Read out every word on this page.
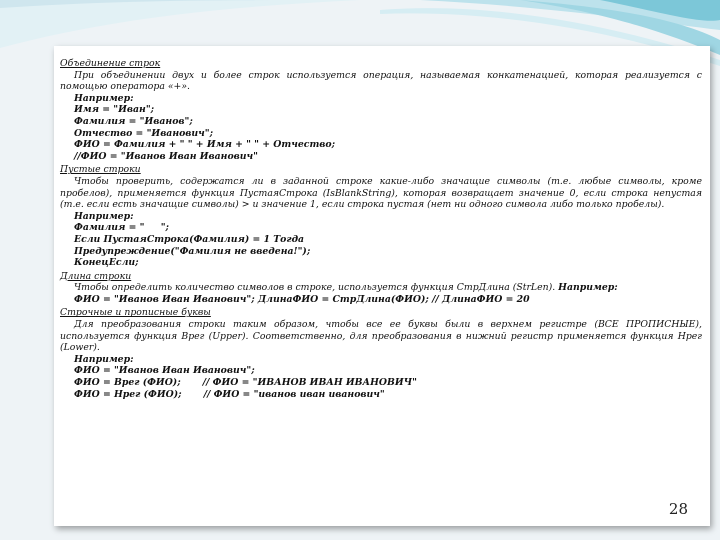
Объединение строк

При объединении двух и более строк используется операция, называемая конкатенацией, которая реализуется с помощью оператора «+».

Например:

Имя = "Иван";

Фамилия = "Иванов";

Отчество = "Иванович";

ФИО = Фамилия + " " + Имя + " " + Отчество;

//ФИО = "Иванов Иван Иванович"

Пустые строки

Чтобы проверить, содержатся ли в заданной строке какие-либо значащие символы (т.е. любые символы, кроме пробелов), применяется функция ПустаяСтрока (IsBlankString), которая возвращает значение 0, если строка непустая (т.е. если есть значащие символы) > и значение 1, если строка пустая (нет ни одного символа либо только пробелы).

Например:

Фамилия = "     ";

Если ПустаяСтрока(Фамилия) = 1 Тогда

Предупреждение("Фамилия не введена!");

КонецЕсли;

Длина строки

Чтобы определить количество символов в строке, используется функция СтрДлина (StrLen). Например:

ФИО = "Иванов Иван Иванович"; ДлинаФИО = СтрДлина(ФИО); // ДлинаФИО = 20

Строчные и прописные буквы

Для преобразования строки таким образом, чтобы все ее буквы были в верхнем регистре (ВСЕ ПРОПИСНЫЕ), используется функция Врег (Upper). Соответственно, для преобразования в нижний регистр применяется функция Нрег (Lower).

Например:

ФИО = "Иванов Иван Иванович";

ФИО = Врег (ФИО); // ФИО = "ИВАНОВ ИВАН ИВАНОВИЧ"

ФИО = Нрег (ФИО); // ФИО = "иванов иван иванович"

28
